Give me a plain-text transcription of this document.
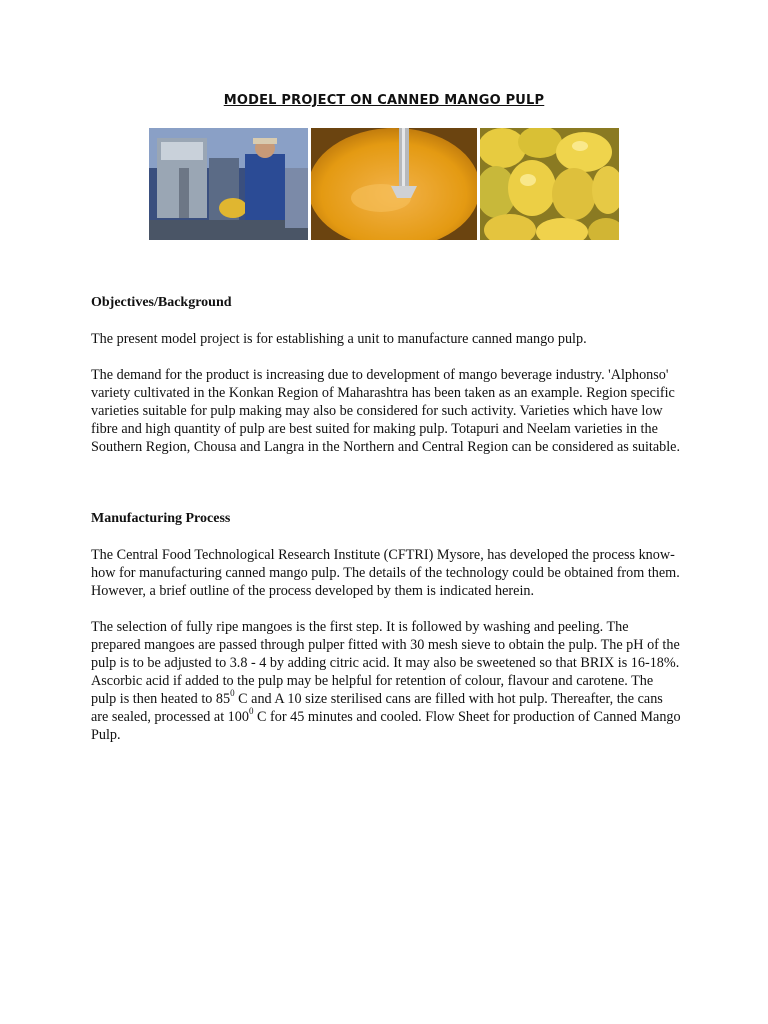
MODEL PROJECT ON CANNED MANGO PULP
Objectives/Background

The present model project is for establishing a unit to manufacture canned mango pulp.

The demand for the product is increasing due to development of mango beverage industry. 'Alphonso' variety cultivated in the Konkan Region of Maharashtra has been taken as an example. Region specific varieties suitable for pulp making may also be considered for such activity. Varieties which have low fibre and high quantity of pulp are best suited for making pulp. Totapuri and Neelam varieties in the Southern Region, Chousa and Langra in the Northern and Central Region can be considered as suitable.

Manufacturing Process

The Central Food Technological Research Institute (CFTRI) Mysore, has developed the process know-how for manufacturing canned mango pulp. The details of the technology could be obtained from them. However, a brief outline of the process developed by them is indicated herein.

The selection of fully ripe mangoes is the first step. It is followed by washing and peeling. The prepared mangoes are passed through pulper fitted with 30 mesh sieve to obtain the pulp. The pH of the pulp is to be adjusted to 3.8 - 4 by adding citric acid. It may also be sweetened so that BRIX is 16-18%. Ascorbic acid if added to the pulp may be helpful for retention of colour, flavour and carotene. The pulp is then heated to $85^0$ C and A 10 size sterilised cans are filled with hot pulp. Thereafter, the cans are sealed, processed at $100^0$ C for 45 minutes and cooled. Flow Sheet for production of Canned Mango Pulp.
